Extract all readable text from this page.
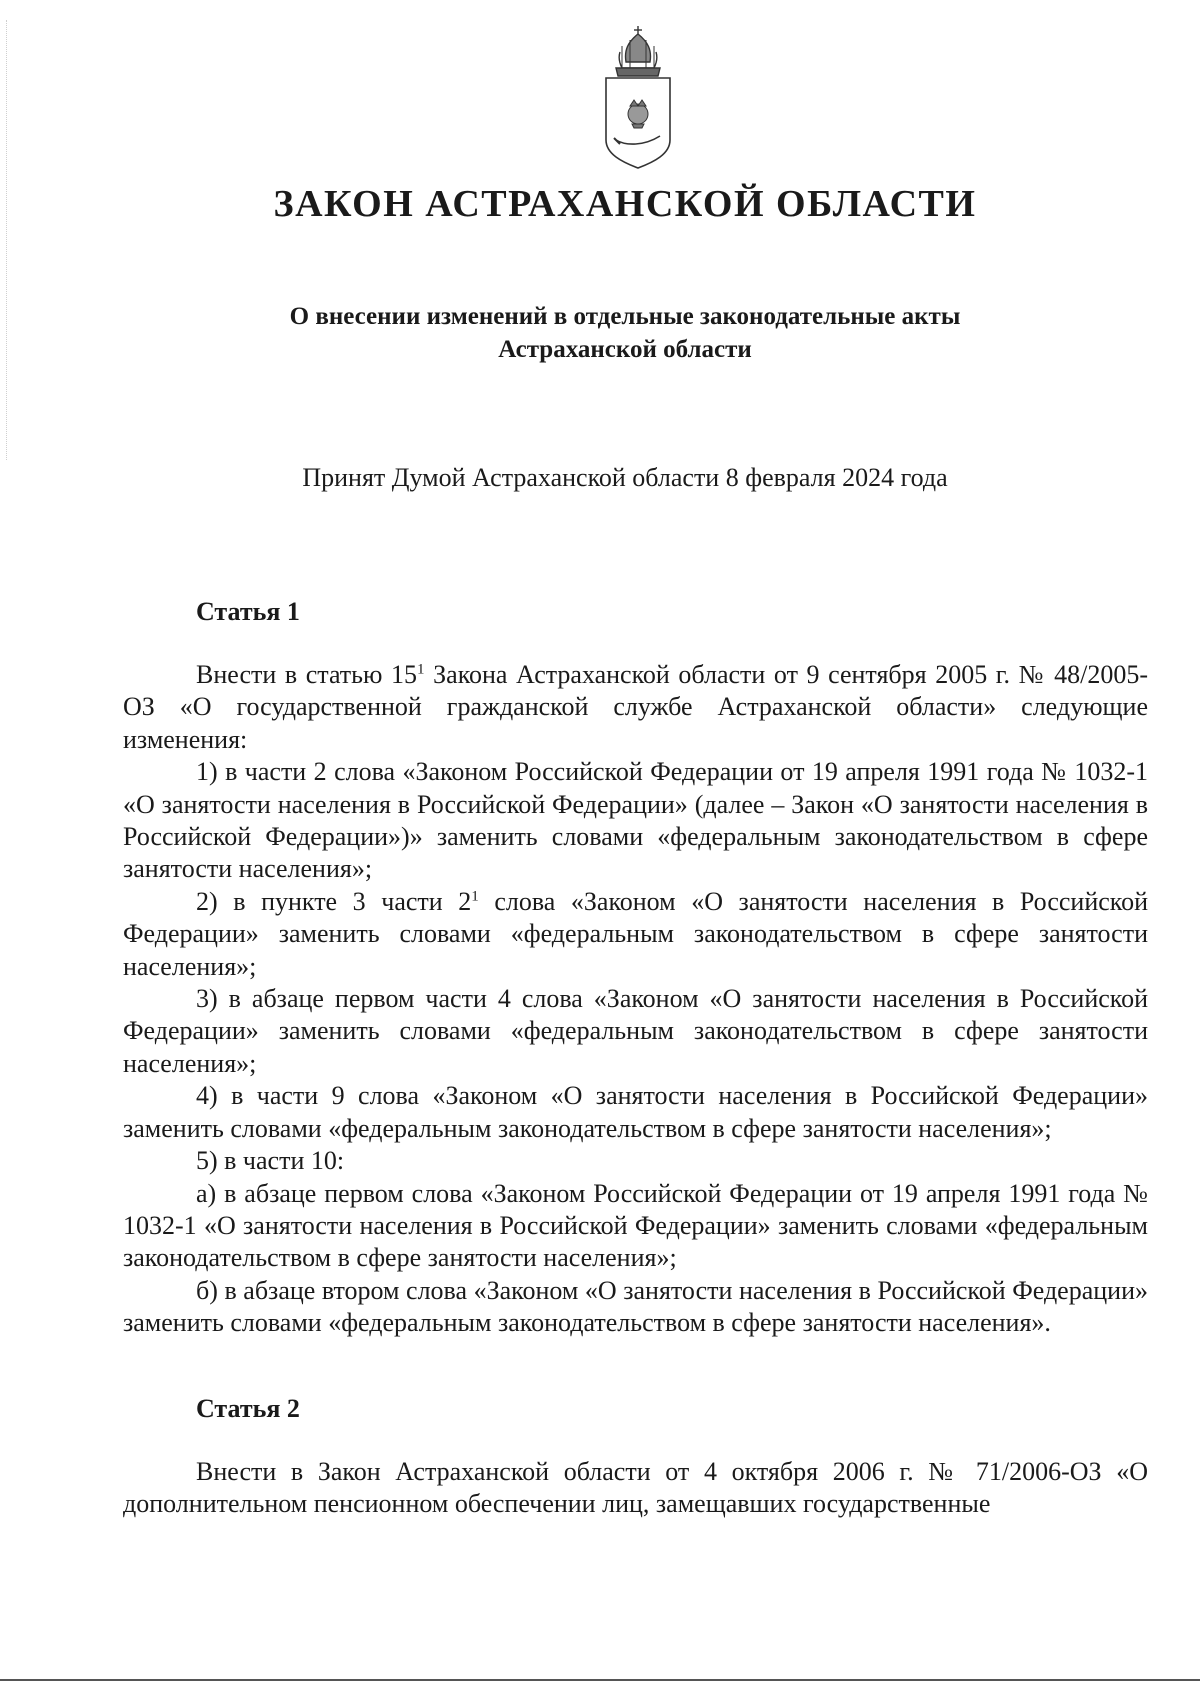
ЗАКОН АСТРАХАНСКОЙ ОБЛАСТИ
О внесении изменений в отдельные законодательные акты
Астраханской области
Принят Думой Астраханской области 8 февраля 2024 года
Статья 1

Внести в статью $15^1$ Закона Астраханской области от 9 сентября 2005 г. № 48/2005-ОЗ «О государственной гражданской службе Астраханской области» следующие изменения:

1) в части 2 слова «Законом Российской Федерации от 19 апреля 1991 года № 1032-1 «О занятости населения в Российской Федерации» (далее – Закон «О занятости населения в Российской Федерации»)» заменить словами «федеральным законодательством в сфере занятости населения»;

2) в пункте 3 части $2^1$ слова «Законом «О занятости населения в Российской Федерации» заменить словами «федеральным законодательством в сфере занятости населения»;

3) в абзаце первом части 4 слова «Законом «О занятости населения в Российской Федерации» заменить словами «федеральным законодательством в сфере занятости населения»;

4) в части 9 слова «Законом «О занятости населения в Российской Федерации» заменить словами «федеральным законодательством в сфере занятости населения»;

5) в части 10:

а) в абзаце первом слова «Законом Российской Федерации от 19 апреля 1991 года № 1032-1 «О занятости населения в Российской Федерации» заменить словами «федеральным законодательством в сфере занятости населения»;

б) в абзаце втором слова «Законом «О занятости населения в Российской Федерации» заменить словами «федеральным законодательством в сфере занятости населения».

Статья 2

Внести в Закон Астраханской области от 4 октября 2006 г. № 71/2006-ОЗ «О дополнительном пенсионном обеспечении лиц, замещавших государственные
